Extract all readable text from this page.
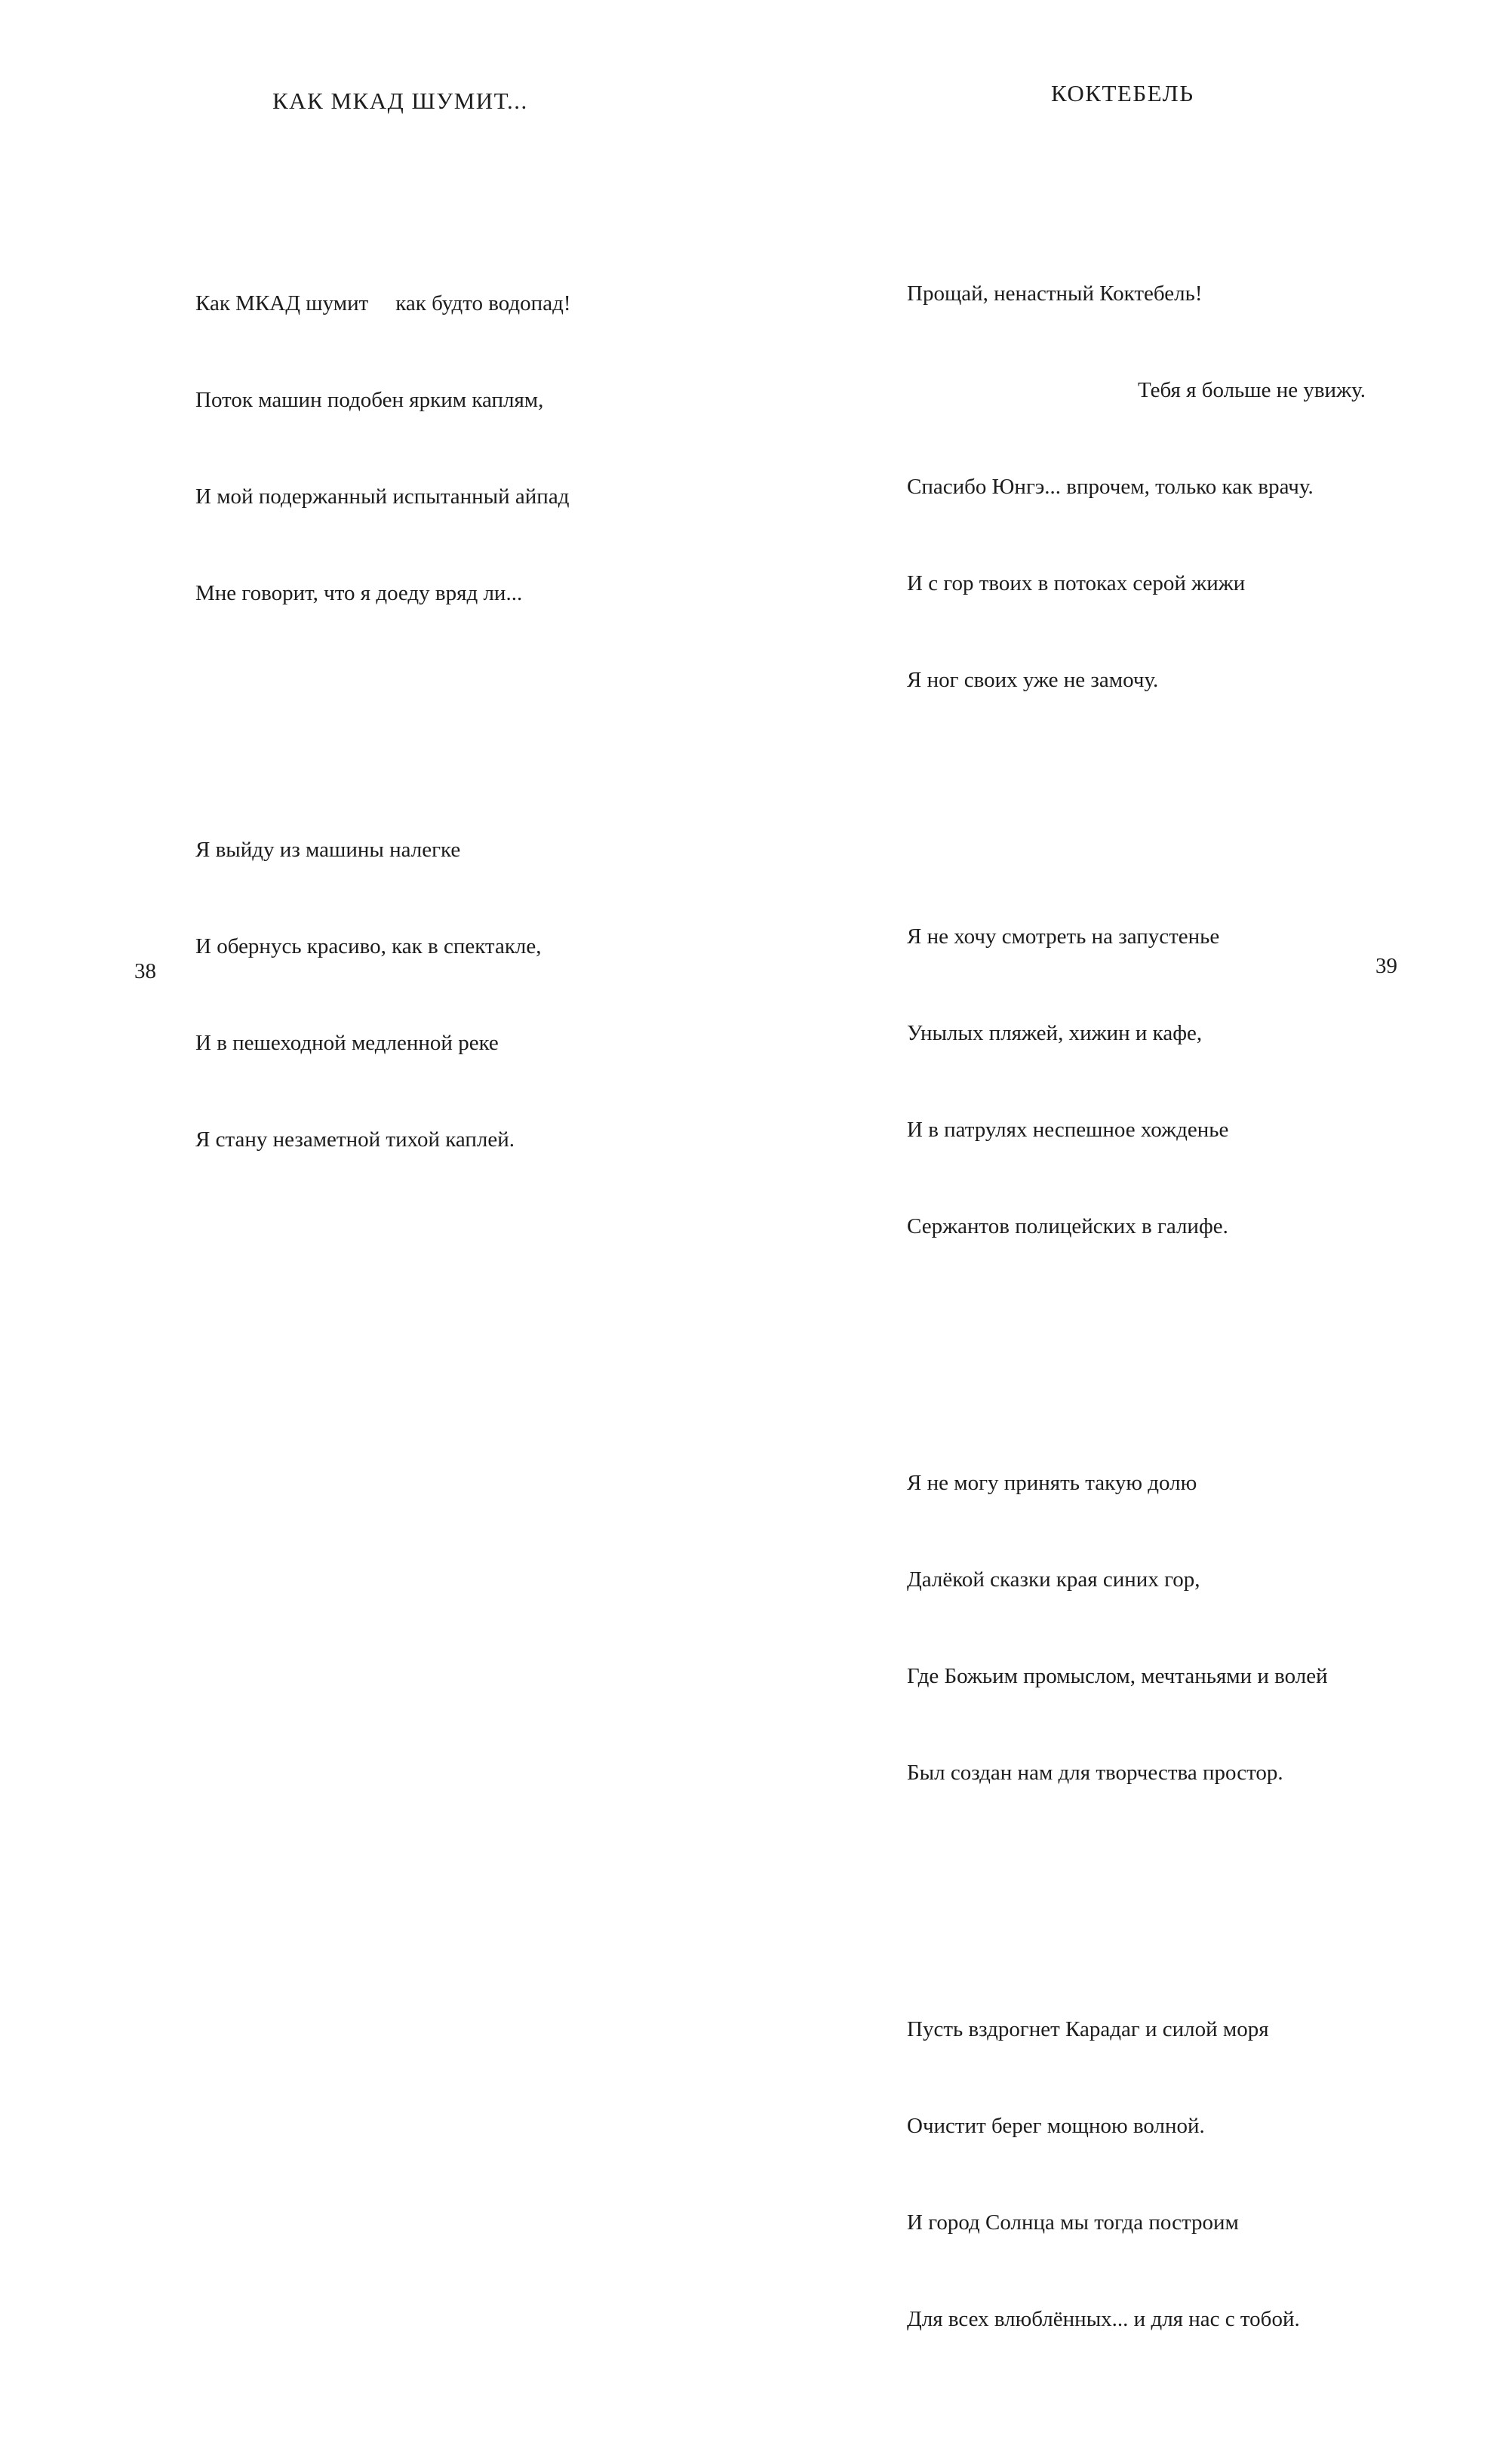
КАК МКАД ШУМИТ...

Как МКАД шумит как будто водопад!

Поток машин подобен ярким каплям,

И мой подержанный испытанный айпад

Мне говорит, что я доеду вряд ли...

Я выйду из машины налегке

И обернусь красиво, как в спектакле,

И в пешеходной медленной реке

Я стану незаметной тихой каплей.

38
КОКТЕБЕЛЬ

Прощай, ненастный Коктебель!

Тебя я больше не увижу.

Спасибо Юнгэ... впрочем, только как врачу.

И с гор твоих в потоках серой жижи

Я ног своих уже не замочу.

Я не хочу смотреть на запустенье

Унылых пляжей, хижин и кафе,

И в патрулях неспешное хожденье

Сержантов полицейских в галифе.

Я не могу принять такую долю

Далёкой сказки края синих гор,

Где Божьим промыслом, мечтаньями и волей

Был создан нам для творчества простор.

Пусть вздрогнет Карадаг и силой моря

Очистит берег мощною волной.

И город Солнца мы тогда построим

Для всех влюблённых... и для нас с тобой.

39
